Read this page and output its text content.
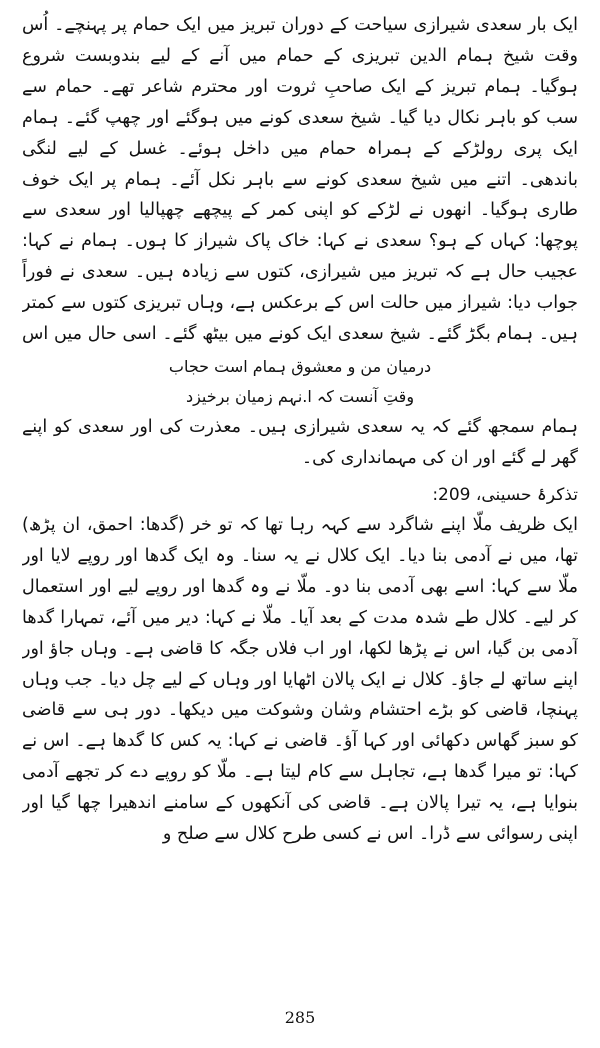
ایک بار سعدی شیرازی سیاحت کے دوران تبریز میں ایک حمام پر پہنچے۔ اُس وقت شیخ ہمام الدین تبریزی کے حمام میں آنے کے لیے بندوبست شروع ہوگیا۔ ہمام تبریز کے ایک صاحبِ ثروت اور محترم شاعر تھے۔ حمام سے سب کو باہر نکال دیا گیا۔ شیخ سعدی کونے میں ہوگئے اور چھپ گئے۔ ہمام ایک پری رولڑکے کے ہمراہ حمام میں داخل ہوئے۔ غسل کے لیے لنگی باندھی۔ اتنے میں شیخ سعدی کونے سے باہر نکل آئے۔ ہمام پر ایک خوف طاری ہوگیا۔ انھوں نے لڑکے کو اپنی کمر کے پیچھے چھپالیا اور سعدی سے پوچھا: کہاں کے ہو؟ سعدی نے کہا: خاک پاک شیراز کا ہوں۔ ہمام نے کہا: عجیب حال ہے کہ تبریز میں شیرازی، کتوں سے زیادہ ہیں۔ سعدی نے فوراً جواب دیا: شیراز میں حالت اس کے برعکس ہے، وہاں تبریزی کتوں سے کمتر ہیں۔ ہمام بگڑ گئے۔ شیخ سعدی ایک کونے میں بیٹھ گئے۔ اسی حال میں اس

درمیان من و معشوق ہمام است حجاب

وقتِ آنست کہ ا.نہم زمیان برخیزد

ہمام سمجھ گئے کہ یہ سعدی شیرازی ہیں۔ معذرت کی اور سعدی کو اپنے گھر لے گئے اور ان کی مہمانداری کی۔

تذکرۂ حسینی، 209:

ایک ظریف ملّا اپنے شاگرد سے کہہ رہا تھا کہ تو خر (گدھا: احمق، ان پڑھ) تھا، میں نے آدمی بنا دیا۔ ایک کلال نے یہ سنا۔ وہ ایک گدھا اور روپے لایا اور ملّا سے کہا: اسے بھی آدمی بنا دو۔ ملّا نے وہ گدھا اور روپے لیے اور استعمال کر لیے۔ کلال طے شدہ مدت کے بعد آیا۔ ملّا نے کہا: دیر میں آئے، تمہارا گدھا آدمی بن گیا، اس نے پڑھا لکھا، اور اب فلاں جگہ کا قاضی ہے۔ وہاں جاؤ اور اپنے ساتھ لے جاؤ۔ کلال نے ایک پالان اٹھایا اور وہاں کے لیے چل دیا۔ جب وہاں پہنچا، قاضی کو بڑے احتشام وشان وشوکت میں دیکھا۔ دور ہی سے قاضی کو سبز گھاس دکھائی اور کہا آؤ۔ قاضی نے کہا: یہ کس کا گدھا ہے۔ اس نے کہا: تو میرا گدھا ہے، تجاہل سے کام لیتا ہے۔ ملّا کو روپے دے کر تجھے آدمی بنوایا ہے، یہ تیرا پالان ہے۔ قاضی کی آنکھوں کے سامنے اندھیرا چھا گیا اور اپنی رسوائی سے ڈرا۔ اس نے کسی طرح کلال سے صلح و

285
